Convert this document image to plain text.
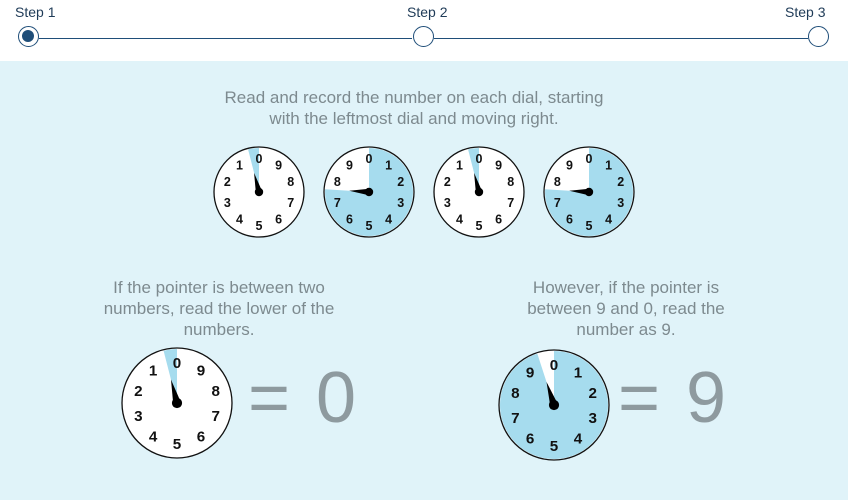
Step 1	Step 2	Step 3
Read and record the number on each dial, starting
with the leftmost dial and moving right.
0
1
2
3
4 5 6
7
8
9	0 1
2
3
4
5
6
7
8
9	0
1
2
3
4 5 6
7
8
9	0 1
2
3
4
5
6
7
8
9
If the pointer is between two
numbers, read the lower of the
numbers.
0
1
2
3
4 5 6
7
8
9 = 0
However, if the pointer is
between 9 and 0, read the
number as 9.
0 1
2
3
4
5
6
7
8
9 = 9
